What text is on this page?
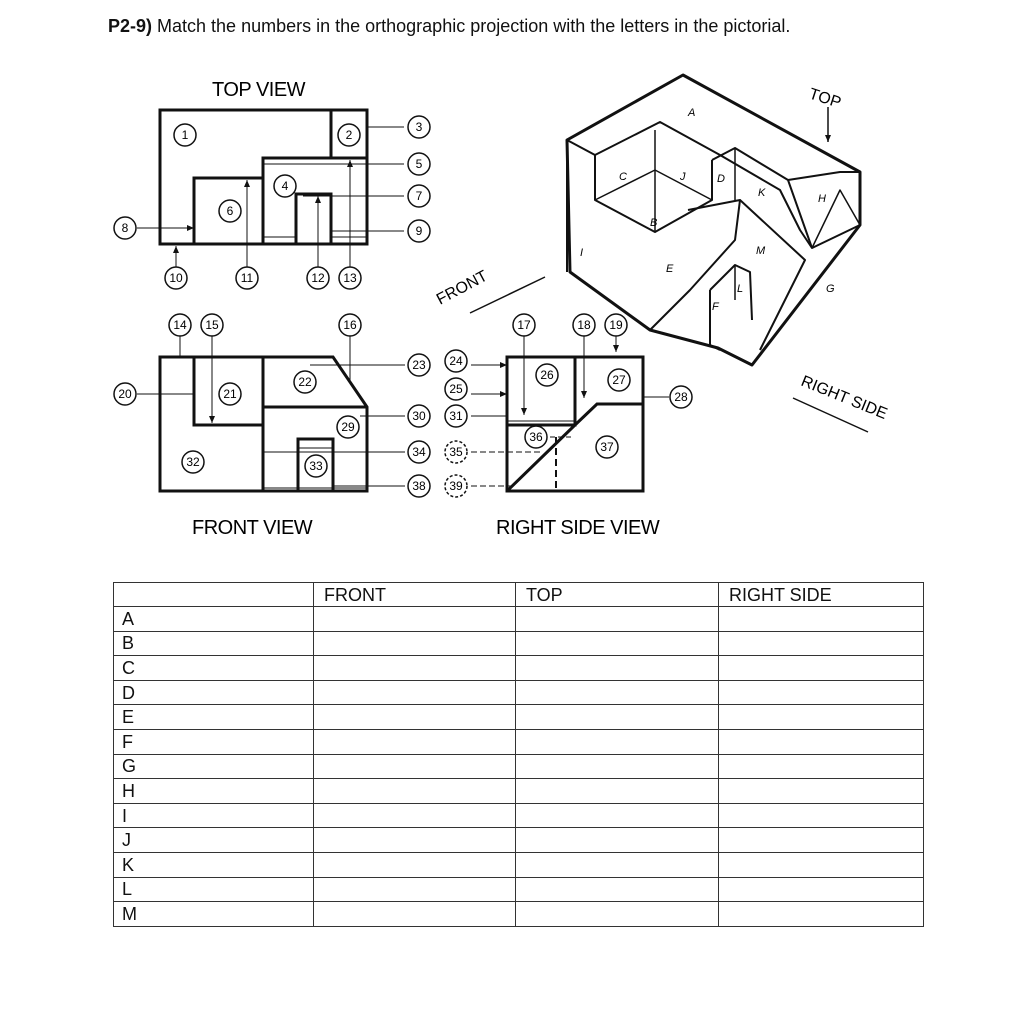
P2-9) Match the numbers in the orthographic projection with the letters in the pictorial.
TOP VIEW
FRONT VIEW	RIGHT SIDE VIEW
TOP
FRONT
RIGHT SIDE
A
B
C	D
E
F
G
H
I
J
K
L
M
1	2
3
4
5
6
7
8	9
10	11	12 13
14 15	16	17	18 19
20	21
22
23 24
25
26	27
28
29
30 31
32	33
34 35
36
37
38 39
	FRONT	TOP	RIGHT SIDE
A			
B			
C			
D			
E			
F			
G			
H			
I			
J			
K			
L			
M			
